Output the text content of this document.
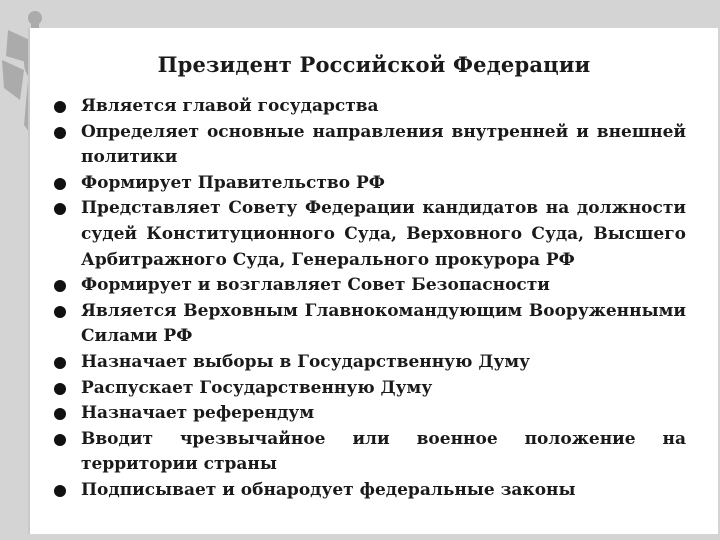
Президент Российской Федерации
Является главой государства
Определяет основные направления внутренней и внешней политики
Формирует Правительство РФ
Представляет Совету Федерации кандидатов на должности судей Конституционного Суда, Верховного Суда, Высшего Арбитражного Суда, Генерального прокурора РФ
Формирует и возглавляет Совет Безопасности
Является Верховным Главнокомандующим Вооруженными Силами РФ
Назначает выборы в Государственную Думу
Распускает Государственную Думу
Назначает референдум
Вводит чрезвычайное или военное положение на территории страны
Подписывает и обнародует федеральные законы
